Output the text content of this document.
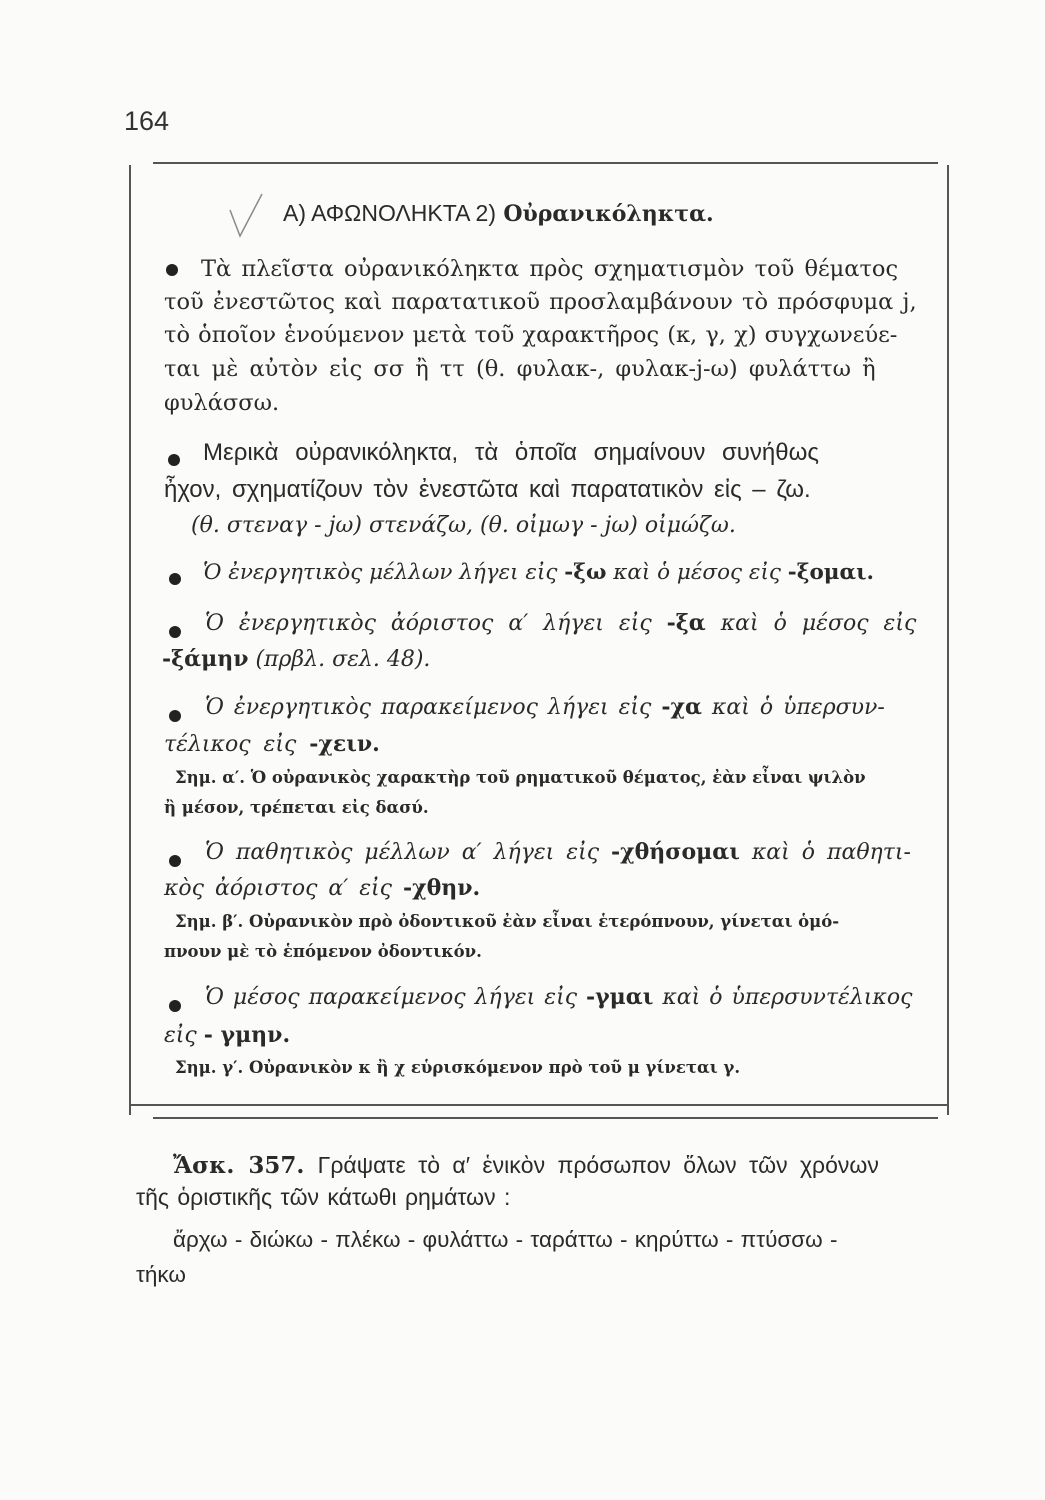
164
Α) ΑΦΩΝΟΛΗΚΤΑ 2) Οὐρανικόληκτα.
Τὰ πλεῖστα οὐρανικόληκτα πρὸς σχηματισμὸν τοῦ θέματος
τοῦ ἐνεστῶτος καὶ παρατατικοῦ προσλαμβάνουν τὸ πρόσφυμα j,
τὸ ὁποῖον ἑνούμενον μετὰ τοῦ χαρακτῆρος (κ, γ, χ) συγχωνεύε-
ται μὲ αὐτὸν εἰς σσ ἢ ττ (θ. φυλακ-, φυλακ-j-ω) φυλάττω ἢ
φυλάσσω.
Μερικὰ οὐρανικόληκτα, τὰ ὁποῖα σημαίνουν συνήθως
ἦχον, σχηματίζουν τὸν ἐνεστῶτα καὶ παρατατικὸν εἰς – ζω.
(θ. στεναγ - jω) στενάζω, (θ. οἰμωγ - jω) οἰμώζω.
Ὁ ἐνεργητικὸς μέλλων λήγει εἰς -ξω καὶ ὁ μέσος εἰς -ξομαι.
Ὁ ἐνεργητικὸς ἀόριστος α′ λήγει εἰς -ξα καὶ ὁ μέσος εἰς
-ξάμην (πρβλ. σελ. 48).
Ὁ ἐνεργητικὸς παρακείμενος λήγει εἰς -χα καὶ ὁ ὑπερσυν-
τέλικος εἰς -χειν.
Σημ. α′. Ὁ οὐρανικὸς χαρακτὴρ τοῦ ρηματικοῦ θέματος, ἐὰν εἶναι ψιλὸν
ἢ μέσον, τρέπεται εἰς δασύ.
Ὁ παθητικὸς μέλλων α′ λήγει εἰς -χθήσομαι καὶ ὁ παθητι-
κὸς ἀόριστος α′ εἰς -χθην.
Σημ. β′. Οὐρανικὸν πρὸ ὀδοντικοῦ ἐὰν εἶναι ἑτερόπνουν, γίνεται ὁμό-
πνουν μὲ τὸ ἑπόμενον ὀδοντικόν.
Ὁ μέσος παρακείμενος λήγει εἰς -γμαι καὶ ὁ ὑπερσυντέλικος
εἰς - γμην.
Σημ. γ′. Οὐρανικὸν κ ἢ χ εὑρισκόμενον πρὸ τοῦ μ γίνεται γ.
Ἄσκ. 357. Γράψατε τὸ α′ ἑνικὸν πρόσωπον ὅλων τῶν χρόνων
τῆς ὁριστικῆς τῶν κάτωθι ρημάτων :
ἄρχω - διώκω - πλέκω - φυλάττω - ταράττω - κηρύττω - πτύσσω -
τήκω
